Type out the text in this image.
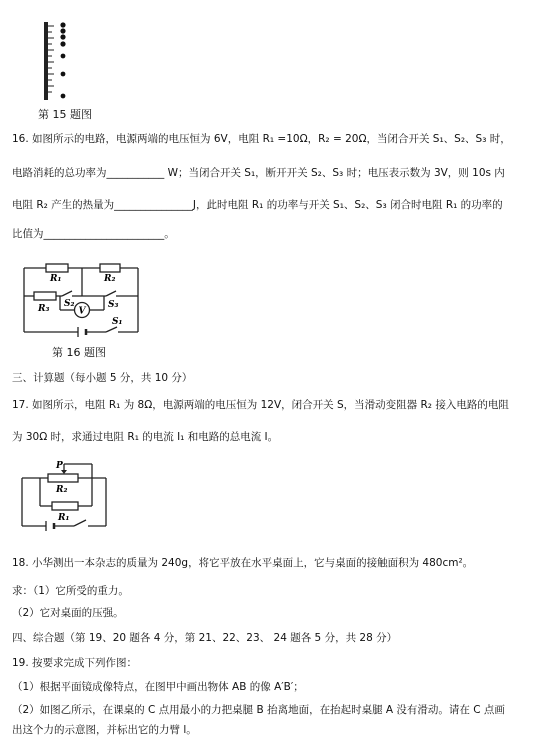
第 15 题图
16. 如图所示的电路，电源两端的电压恒为 6V，电阻 R₁ =10Ω，R₂ = 20Ω，当闭合开关 S₁、S₂、S₃ 时，
电路消耗的总功率为___________ W；当闭合开关 S₁，断开开关 S₂、S₃ 时；电压表示数为 3V，则 10s 内
电阻 R₂ 产生的热量为_______________J，此时电阻 R₁ 的功率与开关 S₁、S₂、S₃ 闭合时电阻 R₁ 的功率的
比值为_______________________。
V
R₁	R₂
R₃ S₂	S₃
S₁
第 16 题图
三、计算题（每小题 5 分，共 10 分）
17. 如图所示，电阻 R₁ 为 8Ω，电源两端的电压恒为 12V，闭合开关 S，当滑动变阻器 R₂ 接入电路的电阻
为 30Ω 时，求通过电阻 R₁ 的电流 I₁ 和电路的总电流 I。
P
R₂
R₁
18. 小华测出一本杂志的质量为 240g，将它平放在水平桌面上，它与桌面的接触面积为 480cm²。
求：（1）它所受的重力。
（2）它对桌面的压强。
四、综合题（第 19、20 题各 4 分，第 21、22、23、 24 题各 5 分，共 28 分）
19. 按要求完成下列作图：
（1）根据平面镜成像特点，在图甲中画出物体 AB 的像 A′B′；
（2）如图乙所示，在课桌的 C 点用最小的力把桌腿 B 抬离地面，在抬起时桌腿 A 没有滑动。请在 C 点画
出这个力的示意图，并标出它的力臂 l。
